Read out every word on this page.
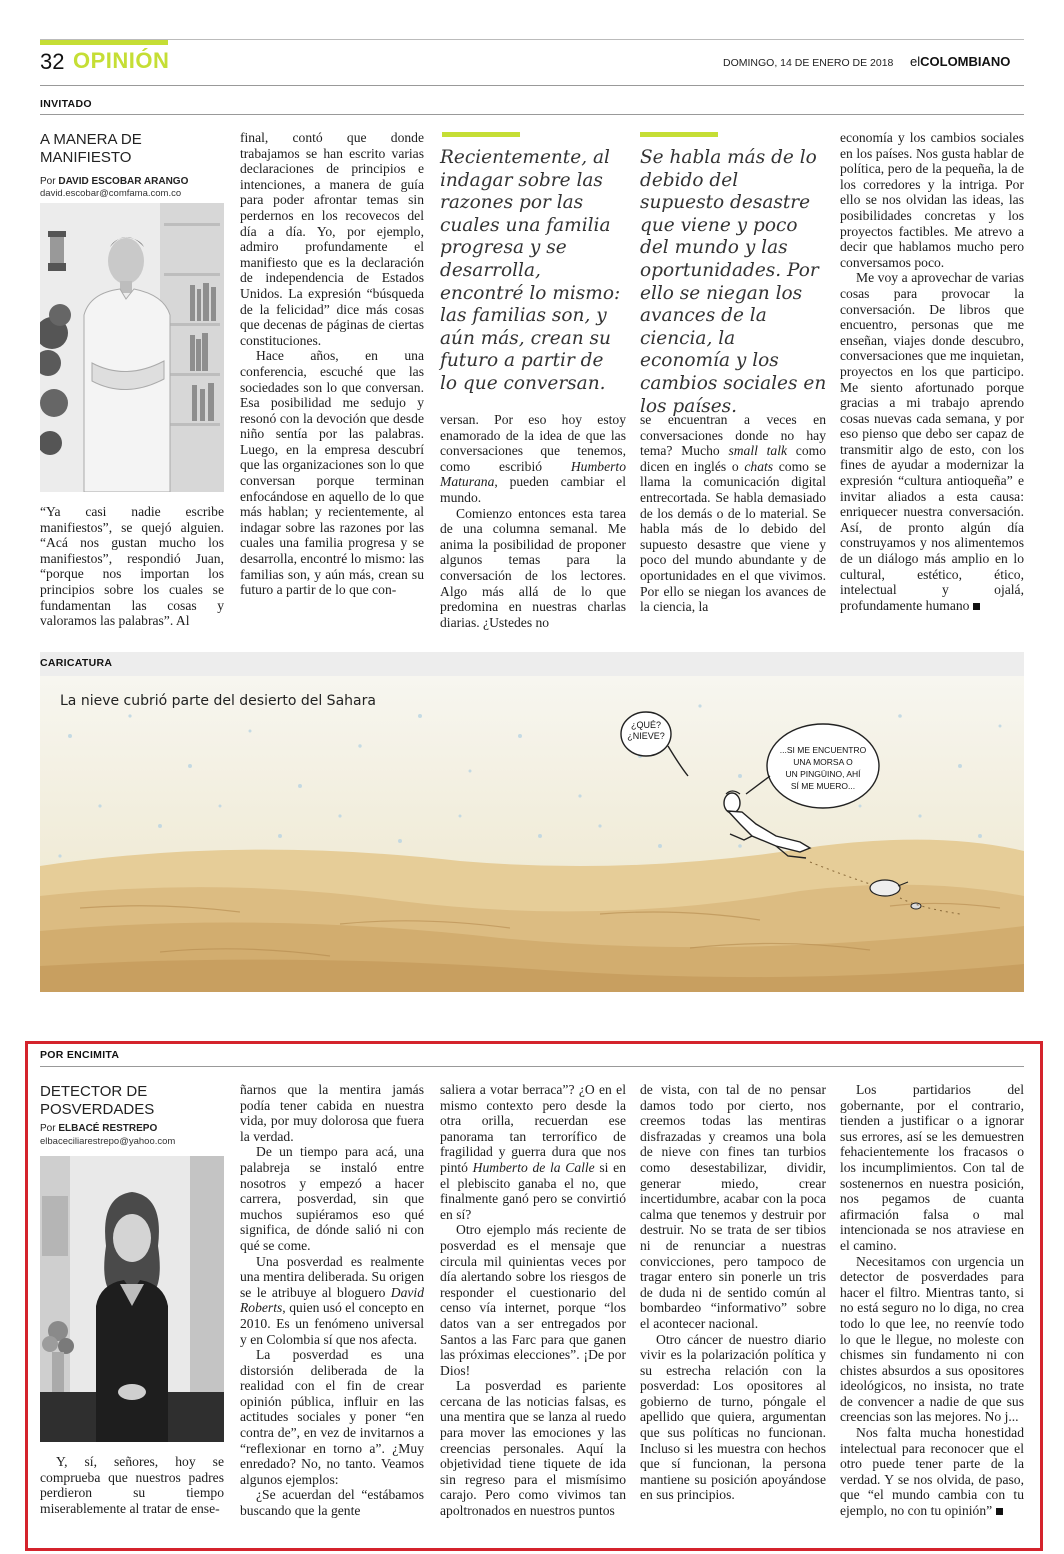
32 OPINIÓN	DOMINGO, 14 DE ENERO DE 2018 elCOLOMBIANO
INVITADO
A MANERA DE
MANIFIESTO
Por DAVID ESCOBAR ARANGO
david.escobar@comfama.com.co

“Ya casi nadie escribe manifiestos”, se quejó alguien. “Acá nos gustan mucho los manifiestos”, respondió Juan, “porque nos importan los principios sobre los cuales se fundamentan las cosas y valoramos las palabras”. Al

final, contó que donde trabajamos se han escrito varias declaraciones de principios e intenciones, a manera de guía para poder afrontar temas sin perdernos en los recovecos del día a día. Yo, por ejemplo, admiro profundamente el manifiesto que es la declaración de independencia de Estados Unidos. La expresión “búsqueda de la felicidad” dice más cosas que decenas de páginas de ciertas constituciones.

Hace años, en una conferencia, escuché que las sociedades son lo que conversan. Esa posibilidad me sedujo y resonó con la devoción que desde niño sentía por las palabras. Luego, en la empresa descubrí que las organizaciones son lo que conversan porque terminan enfocándose en aquello de lo que más hablan; y recientemente, al indagar sobre las razones por las cuales una familia progresa y se desarrolla, encontré lo mismo: las familias son, y aún más, crean su futuro a partir de lo que con-

Recientemente, al indagar sobre las razones por las cuales una familia progresa y se desarrolla, encontré lo mismo: las familias son, y aún más, crean su futuro a partir de lo que conversan.

versan. Por eso hoy estoy enamorado de la idea de que las conversaciones que tenemos, como escribió Humberto Maturana, pueden cambiar el mundo.

Comienzo entonces esta tarea de una columna semanal. Me anima la posibilidad de proponer algunos temas para la conversación de los lectores. Algo más allá de lo que predomina en nuestras charlas diarias. ¿Ustedes no

Se habla más de lo debido del supuesto desastre que viene y poco del mundo y las oportunidades. Por ello se niegan los avances de la ciencia, la economía y los cambios sociales en los países.

se encuentran a veces en conversaciones donde no hay tema? Mucho small talk como dicen en inglés o chats como se llama la comunicación digital entrecortada. Se habla demasiado de los demás o de lo material. Se habla más de lo debido del supuesto desastre que viene y poco del mundo abundante y de oportunidades en el que vivimos. Por ello se niegan los avances de la ciencia, la

economía y los cambios sociales en los países. Nos gusta hablar de política, pero de la pequeña, la de los corredores y la intriga. Por ello se nos olvidan las ideas, las posibilidades concretas y los proyectos factibles. Me atrevo a decir que hablamos mucho pero conversamos poco.

Me voy a aprovechar de varias cosas para provocar la conversación. De libros que encuentro, personas que me enseñan, viajes donde descubro, conversaciones que me inquietan, proyectos en los que participo. Me siento afortunado porque gracias a mi trabajo aprendo cosas nuevas cada semana, y por eso pienso que debo ser capaz de transmitir algo de esto, con los fines de ayudar a modernizar la expresión “cultura antioqueña” e invitar aliados a esta causa: enriquecer nuestra conversación. Así, de pronto algún día construyamos y nos alimentemos de un diálogo más amplio en lo cultural, estético, ético, intelectual y ojalá, profundamente humano

CARICATURA
La nieve cubrió parte del desierto del Sahara
¿QUÉ?
¿NIEVE?
...SI ME ENCUENTRO
UNA MORSA O
UN PINGÜINO, AHÍ
SÍ ME MUERO...
POR ENCIMITA
DETECTOR DE
POSVERDADES
Por ELBACÉ RESTREPO
elbaceciliarestrepo@yahoo.com

Y, sí, señores, hoy se comprueba que nuestros padres perdieron su tiempo miserablemente al tratar de ense-

ñarnos que la mentira jamás podía tener cabida en nuestra vida, por muy dolorosa que fuera la verdad.

De un tiempo para acá, una palabreja se instaló entre nosotros y empezó a hacer carrera, posverdad, sin que muchos supiéramos eso qué significa, de dónde salió ni con qué se come.

Una posverdad es realmente una mentira deliberada. Su origen se le atribuye al bloguero David Roberts, quien usó el concepto en 2010. Es un fenómeno universal y en Colombia sí que nos afecta.

La posverdad es una distorsión deliberada de la realidad con el fin de crear opinión pública, influir en las actitudes sociales y poner “en contra de”, en vez de invitarnos a “reflexionar en torno a”. ¿Muy enredado? No, no tanto. Veamos algunos ejemplos:

¿Se acuerdan del “estábamos buscando que la gente

saliera a votar berraca”? ¿O en el mismo contexto pero desde la otra orilla, recuerdan ese panorama tan terrorífico de fragilidad y guerra dura que nos pintó Humberto de la Calle si en el plebiscito ganaba el no, que finalmente ganó pero se convirtió en sí?

Otro ejemplo más reciente de posverdad es el mensaje que circula mil quinientas veces por día alertando sobre los riesgos de responder el cuestionario del censo vía internet, porque “los datos van a ser entregados por Santos a las Farc para que ganen las próximas elecciones”. ¡De por Dios!

La posverdad es pariente cercana de las noticias falsas, es una mentira que se lanza al ruedo para mover las emociones y las creencias personales. Aquí la objetividad tiene tiquete de ida sin regreso para el mismísimo carajo. Pero como vivimos tan apoltronados en nuestros puntos

de vista, con tal de no pensar damos todo por cierto, nos creemos todas las mentiras disfrazadas y creamos una bola de nieve con fines tan turbios como desestabilizar, dividir, generar miedo, crear incertidumbre, acabar con la poca calma que tenemos y destruir por destruir. No se trata de ser tibios ni de renunciar a nuestras convicciones, pero tampoco de tragar entero sin ponerle un tris de duda ni de sentido común al bombardeo “informativo” sobre el acontecer nacional.

Otro cáncer de nuestro diario vivir es la polarización política y su estrecha relación con la posverdad: Los opositores al gobierno de turno, póngale el apellido que quiera, argumentan que sus políticas no funcionan. Incluso si les muestra con hechos que sí funcionan, la persona mantiene su posición apoyándose en sus principios.

Los partidarios del gobernante, por el contrario, tienden a justificar o a ignorar sus errores, así se les demuestren fehacientemente los fracasos o los incumplimientos. Con tal de sostenernos en nuestra posición, nos pegamos de cuanta afirmación falsa o mal intencionada se nos atraviese en el camino.

Necesitamos con urgencia un detector de posverdades para hacer el filtro. Mientras tanto, si no está seguro no lo diga, no crea todo lo que lee, no reenvíe todo lo que le llegue, no moleste con chismes sin fundamento ni con chistes absurdos a sus opositores ideológicos, no insista, no trate de convencer a nadie de que sus creencias son las mejores. No j...

Nos falta mucha honestidad intelectual para reconocer que el otro puede tener parte de la verdad. Y se nos olvida, de paso, que “el mundo cambia con tu ejemplo, no con tu opinión”
